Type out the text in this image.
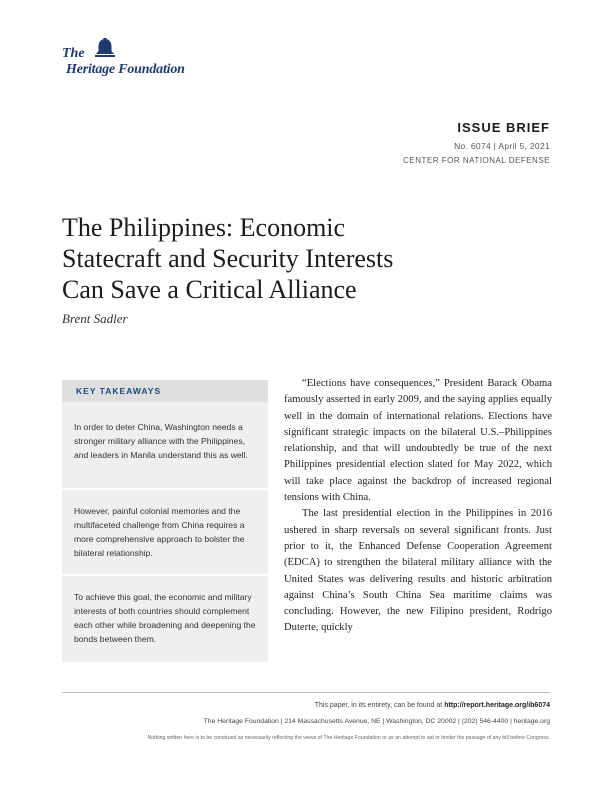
The
Heritage Foundation
ISSUE BRIEF
No. 6074 | April 5, 2021
CENTER FOR NATIONAL DEFENSE
The Philippines: Economic
Statecraft and Security Interests
Can Save a Critical Alliance
Brent Sadler
KEY TAKEAWAYS
In order to deter China, Washington needs a stronger military alliance with the Philippines, and leaders in Manila understand this as well.
However, painful colonial memories and the multifaceted challenge from China requires a more comprehensive approach to bolster the bilateral relationship.
To achieve this goal, the economic and military interests of both countries should complement each other while broadening and deepening the bonds between them.

“Elections have consequences,” President Barack Obama famously asserted in early 2009, and the saying applies equally well in the domain of international relations. Elections have significant strategic impacts on the bilateral U.S.–Philippines relationship, and that will undoubtedly be true of the next Philippines presidential election slated for May 2022, which will take place against the backdrop of increased regional tensions with China.

The last presidential election in the Philippines in 2016 ushered in sharp reversals on several significant fronts. Just prior to it, the Enhanced Defense Cooperation Agreement (EDCA) to strengthen the bilateral military alliance with the United States was delivering results and historic arbitration against China’s South China Sea maritime claims was concluding. However, the new Filipino president, Rodrigo Duterte, quickly

This paper, in its entirety, can be found at http://report.heritage.org/ib6074
The Heritage Foundation | 214 Massachusetts Avenue, NE | Washington, DC 20002 | (202) 546-4400 | heritage.org
Nothing written here is to be construed as necessarily reflecting the views of The Heritage Foundation or as an attempt to aid or hinder the passage of any bill before Congress.
